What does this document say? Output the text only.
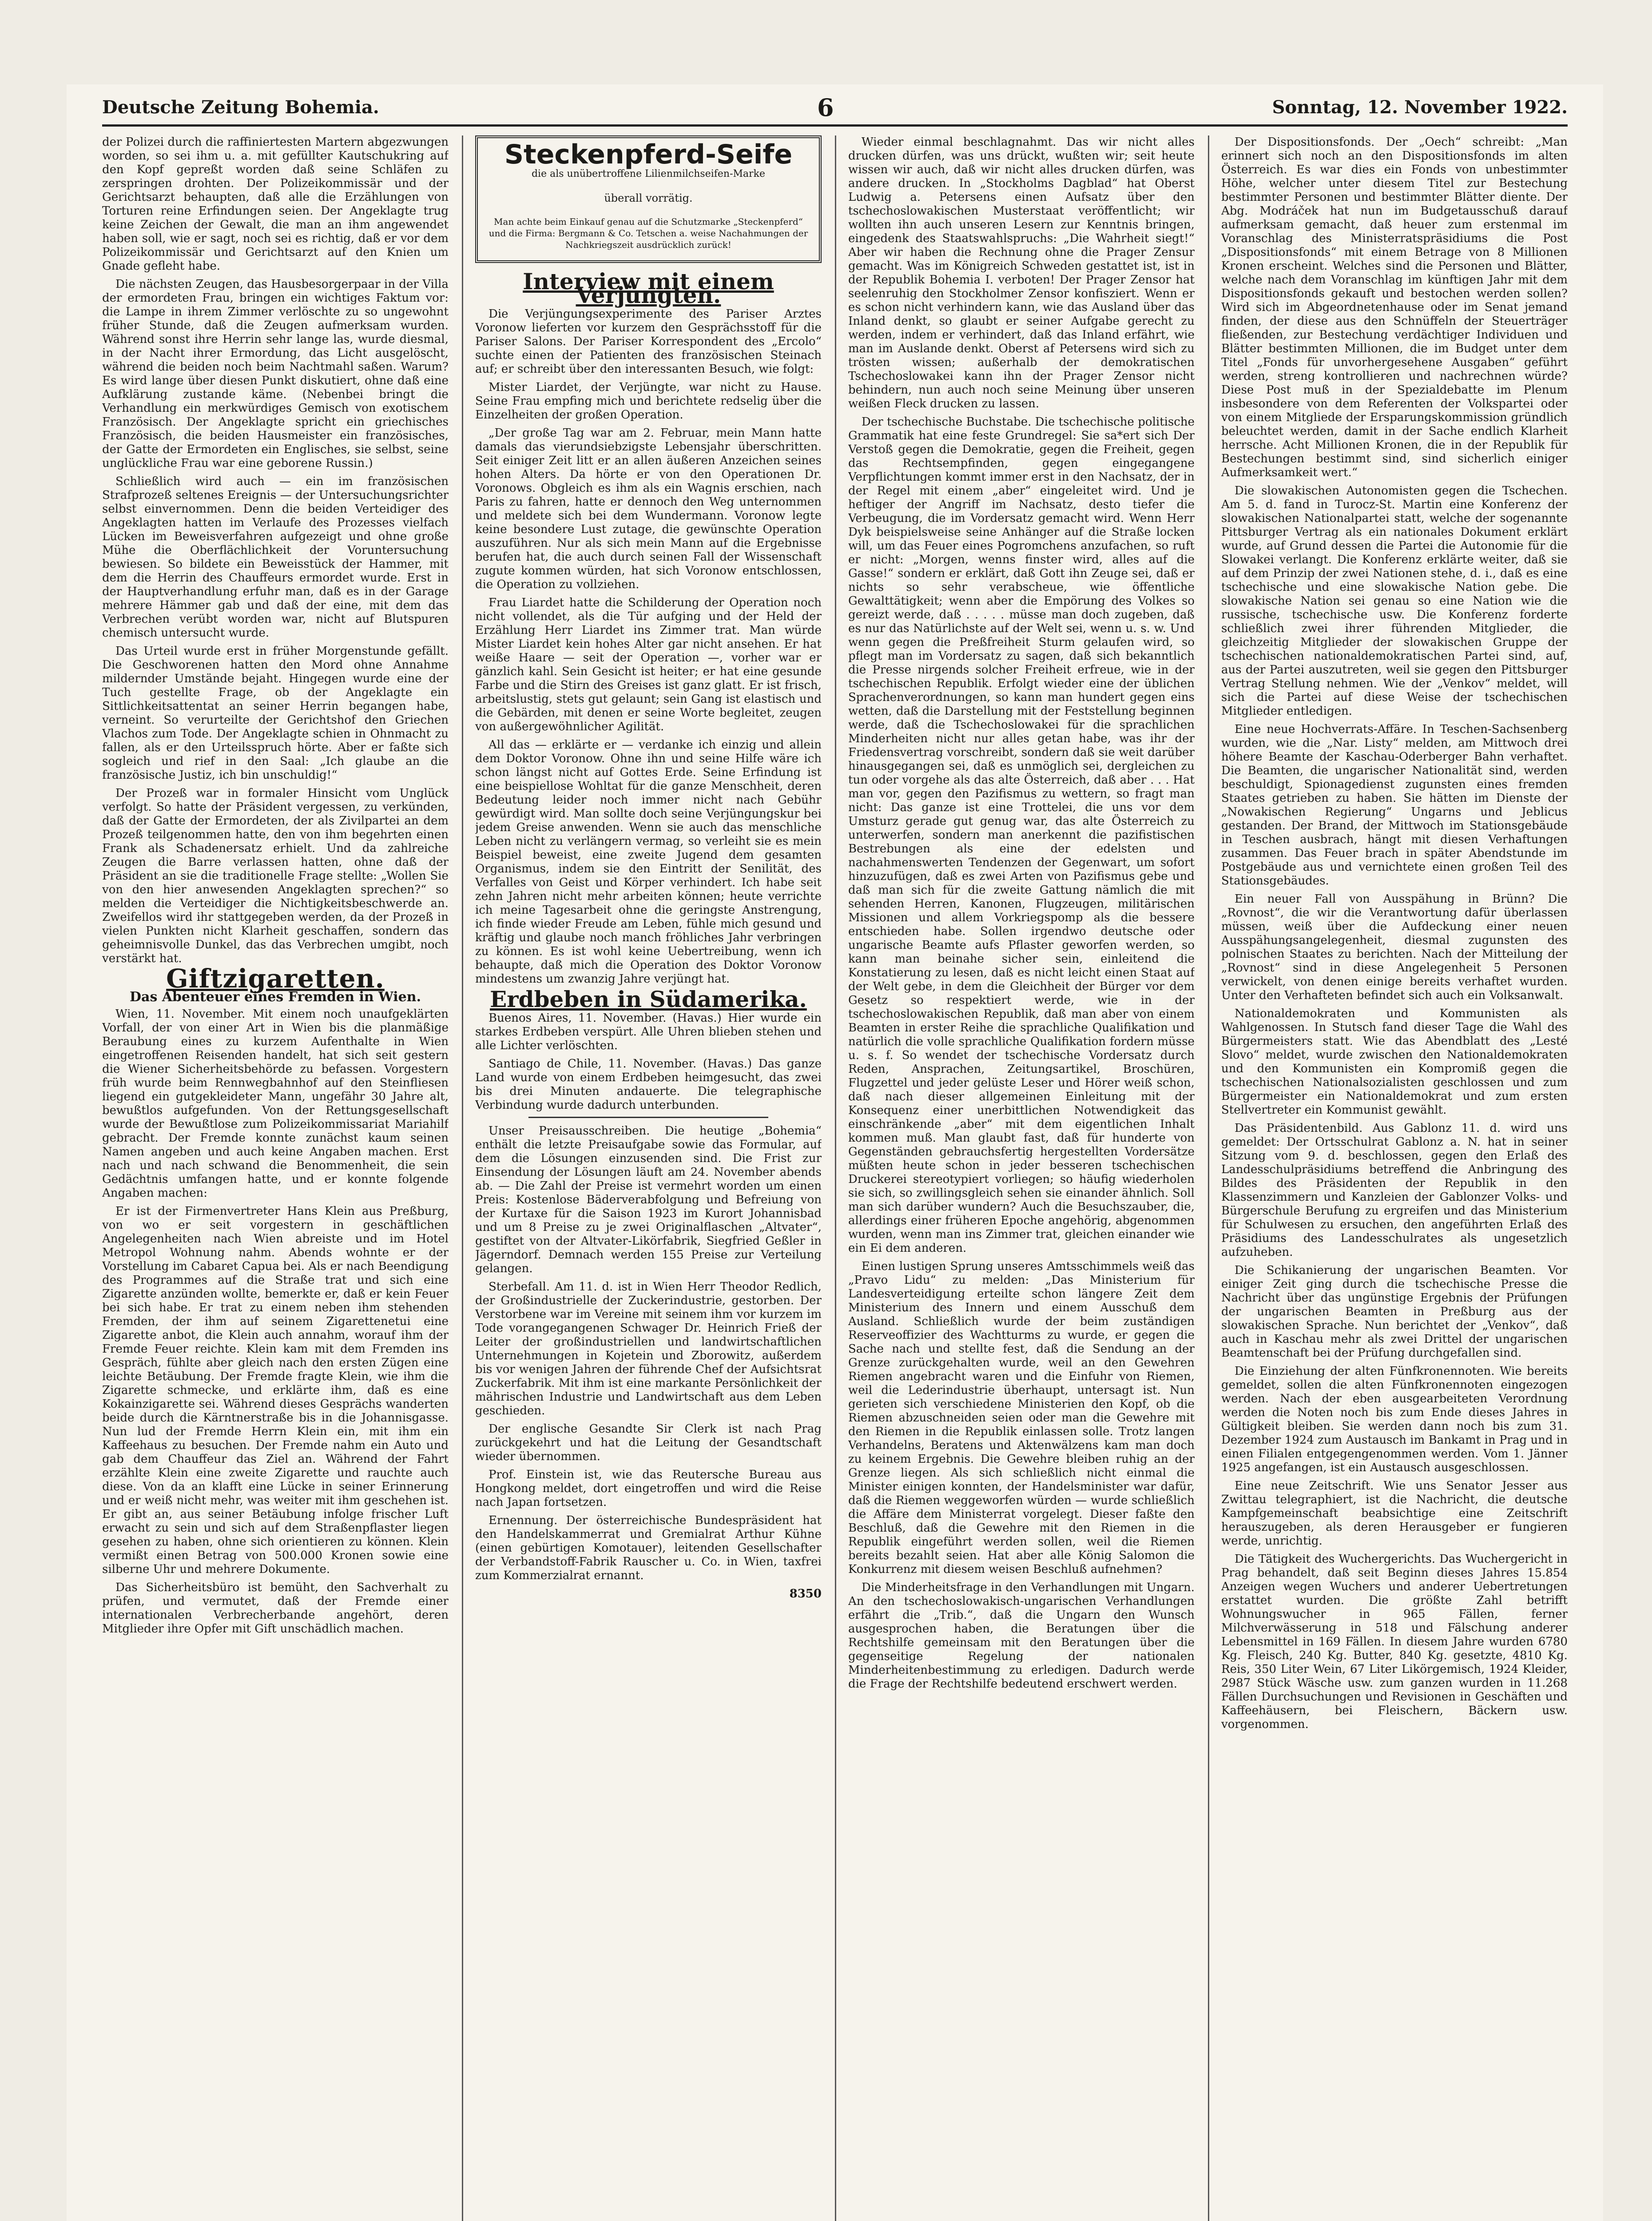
Deutsche Zeitung Bohemia.	6	Sonntag, 12. November 1922.

der Polizei durch die raffiniertesten Martern abgezwungen worden, so sei ihm u. a. mit gefüllter Kautschukring auf den Kopf gepreßt worden daß seine Schläfen zu zerspringen drohten. Der Polizeikommissär und der Gerichtsarzt behaupten, daß alle die Erzählungen von Torturen reine Erfindungen seien. Der Angeklagte trug keine Zeichen der Gewalt, die man an ihm angewendet haben soll, wie er sagt, noch sei es richtig, daß er vor dem Polizeikommissär und Gerichtsarzt auf den Knien um Gnade gefleht habe.

Die nächsten Zeugen, das Hausbesorgerpaar in der Villa der ermordeten Frau, bringen ein wichtiges Faktum vor: die Lampe in ihrem Zimmer verlöschte zu so ungewohnt früher Stunde, daß die Zeugen aufmerksam wurden. Während sonst ihre Herrin sehr lange las, wurde diesmal, in der Nacht ihrer Ermordung, das Licht ausgelöscht, während die beiden noch beim Nachtmahl saßen. Warum? Es wird lange über diesen Punkt diskutiert, ohne daß eine Aufklärung zustande käme. (Nebenbei bringt die Verhandlung ein merkwürdiges Gemisch von exotischem Französisch. Der Angeklagte spricht ein griechisches Französisch, die beiden Hausmeister ein französisches, der Gatte der Ermordeten ein Englisches, sie selbst, seine unglückliche Frau war eine geborene Russin.)

Schließlich wird auch — ein im französischen Strafprozeß seltenes Ereignis — der Untersuchungsrichter selbst einvernommen. Denn die beiden Verteidiger des Angeklagten hatten im Verlaufe des Prozesses vielfach Lücken im Beweisverfahren aufgezeigt und ohne große Mühe die Oberflächlichkeit der Voruntersuchung bewiesen. So bildete ein Beweisstück der Hammer, mit dem die Herrin des Chauffeurs ermordet wurde. Erst in der Hauptverhandlung erfuhr man, daß es in der Garage mehrere Hämmer gab und daß der eine, mit dem das Verbrechen verübt worden war, nicht auf Blutspuren chemisch untersucht wurde.

Das Urteil wurde erst in früher Morgenstunde gefällt. Die Geschworenen hatten den Mord ohne Annahme mildernder Umstände bejaht. Hingegen wurde eine der Tuch gestellte Frage, ob der Angeklagte ein Sittlichkeitsattentat an seiner Herrin begangen habe, verneint. So verurteilte der Gerichtshof den Griechen Vlachos zum Tode. Der Angeklagte schien in Ohnmacht zu fallen, als er den Urteilsspruch hörte. Aber er faßte sich sogleich und rief in den Saal: „Ich glaube an die französische Justiz, ich bin unschuldig!“

Der Prozeß war in formaler Hinsicht vom Unglück verfolgt. So hatte der Präsident vergessen, zu verkünden, daß der Gatte der Ermordeten, der als Zivilpartei an dem Prozeß teilgenommen hatte, den von ihm begehrten einen Frank als Schadenersatz erhielt. Und da zahlreiche Zeugen die Barre verlassen hatten, ohne daß der Präsident an sie die traditionelle Frage stellte: „Wollen Sie von den hier anwesenden Angeklagten sprechen?“ so melden die Verteidiger die Nichtigkeitsbeschwerde an. Zweifellos wird ihr stattgegeben werden, da der Prozeß in vielen Punkten nicht Klarheit geschaffen, sondern das geheimnisvolle Dunkel, das das Verbrechen umgibt, noch verstärkt hat.

Giftzigaretten.
Das Abenteuer eines Fremden in Wien.

Wien, 11. November. Mit einem noch unaufgeklärten Vorfall, der von einer Art in Wien bis die planmäßige Beraubung eines zu kurzem Aufenthalte in Wien eingetroffenen Reisenden handelt, hat sich seit gestern die Wiener Sicherheitsbehörde zu befassen. Vorgestern früh wurde beim Rennwegbahnhof auf den Steinfliesen liegend ein gutgekleideter Mann, ungefähr 30 Jahre alt, bewußtlos aufgefunden. Von der Rettungsgesellschaft wurde der Bewußtlose zum Polizeikommissariat Mariahilf gebracht. Der Fremde konnte zunächst kaum seinen Namen angeben und auch keine Angaben machen. Erst nach und nach schwand die Benommenheit, die sein Gedächtnis umfangen hatte, und er konnte folgende Angaben machen:

Er ist der Firmenvertreter Hans Klein aus Preßburg, von wo er seit vorgestern in geschäftlichen Angelegenheiten nach Wien abreiste und im Hotel Metropol Wohnung nahm. Abends wohnte er der Vorstellung im Cabaret Capua bei. Als er nach Beendigung des Programmes auf die Straße trat und sich eine Zigarette anzünden wollte, bemerkte er, daß er kein Feuer bei sich habe. Er trat zu einem neben ihm stehenden Fremden, der ihm auf seinem Zigarettenetui eine Zigarette anbot, die Klein auch annahm, worauf ihm der Fremde Feuer reichte. Klein kam mit dem Fremden ins Gespräch, fühlte aber gleich nach den ersten Zügen eine leichte Betäubung. Der Fremde fragte Klein, wie ihm die Zigarette schmecke, und erklärte ihm, daß es eine Kokainzigarette sei. Während dieses Gesprächs wanderten beide durch die Kärntnerstraße bis in die Johannisgasse. Nun lud der Fremde Herrn Klein ein, mit ihm ein Kaffeehaus zu besuchen. Der Fremde nahm ein Auto und gab dem Chauffeur das Ziel an. Während der Fahrt erzählte Klein eine zweite Zigarette und rauchte auch diese. Von da an klafft eine Lücke in seiner Erinnerung und er weiß nicht mehr, was weiter mit ihm geschehen ist. Er gibt an, aus seiner Betäubung infolge frischer Luft erwacht zu sein und sich auf dem Straßenpflaster liegen gesehen zu haben, ohne sich orientieren zu können. Klein vermißt einen Betrag von 500.000 Kronen sowie eine silberne Uhr und mehrere Dokumente.

Das Sicherheitsbüro ist bemüht, den Sachverhalt zu prüfen, und vermutet, daß der Fremde einer internationalen Verbrecherbande angehört, deren Mitglieder ihre Opfer mit Gift unschädlich machen.

Steckenpferd-Seife
die als unübertroffene Lilienmilchseifen-Marke
überall vorrätig.
Man achte beim Einkauf genau auf die Schutzmarke „Steckenpferd“ und die Firma: Bergmann & Co. Tetschen a. weise Nachahmungen der Nachkriegszeit ausdrücklich zurück!
Interview mit einem Verjüngten.

Die Verjüngungsexperimente des Pariser Arztes Voronow lieferten vor kurzem den Gesprächsstoff für die Pariser Salons. Der Pariser Korrespondent des „Ercolo“ suchte einen der Patienten des französischen Steinach auf; er schreibt über den interessanten Besuch, wie folgt:

Mister Liardet, der Verjüngte, war nicht zu Hause. Seine Frau empfing mich und berichtete redselig über die Einzelheiten der großen Operation.

„Der große Tag war am 2. Februar, mein Mann hatte damals das vierundsiebzigste Lebensjahr überschritten. Seit einiger Zeit litt er an allen äußeren Anzeichen seines hohen Alters. Da hörte er von den Operationen Dr. Voronows. Obgleich es ihm als ein Wagnis erschien, nach Paris zu fahren, hatte er dennoch den Weg unternommen und meldete sich bei dem Wundermann. Voronow legte keine besondere Lust zutage, die gewünschte Operation auszuführen. Nur als sich mein Mann auf die Ergebnisse berufen hat, die auch durch seinen Fall der Wissenschaft zugute kommen würden, hat sich Voronow entschlossen, die Operation zu vollziehen.

Frau Liardet hatte die Schilderung der Operation noch nicht vollendet, als die Tür aufging und der Held der Erzählung Herr Liardet ins Zimmer trat. Man würde Mister Liardet kein hohes Alter gar nicht ansehen. Er hat weiße Haare — seit der Operation —, vorher war er gänzlich kahl. Sein Gesicht ist heiter; er hat eine gesunde Farbe und die Stirn des Greises ist ganz glatt. Er ist frisch, arbeitslustig, stets gut gelaunt; sein Gang ist elastisch und die Gebärden, mit denen er seine Worte begleitet, zeugen von außergewöhnlicher Agilität.

All das — erklärte er — verdanke ich einzig und allein dem Doktor Voronow. Ohne ihn und seine Hilfe wäre ich schon längst nicht auf Gottes Erde. Seine Erfindung ist eine beispiellose Wohltat für die ganze Menschheit, deren Bedeutung leider noch immer nicht nach Gebühr gewürdigt wird. Man sollte doch seine Verjüngungskur bei jedem Greise anwenden. Wenn sie auch das menschliche Leben nicht zu verlängern vermag, so verleiht sie es mein Beispiel beweist, eine zweite Jugend dem gesamten Organismus, indem sie den Eintritt der Senilität, des Verfalles von Geist und Körper verhindert. Ich habe seit zehn Jahren nicht mehr arbeiten können; heute verrichte ich meine Tagesarbeit ohne die geringste Anstrengung, ich finde wieder Freude am Leben, fühle mich gesund und kräftig und glaube noch manch fröhliches Jahr verbringen zu können. Es ist wohl keine Uebertreibung, wenn ich behaupte, daß mich die Operation des Doktor Voronow mindestens um zwanzig Jahre verjüngt hat.

Erdbeben in Südamerika.

Buenos Aires, 11. November. (Havas.) Hier wurde ein starkes Erdbeben verspürt. Alle Uhren blieben stehen und alle Lichter verlöschten.

Santiago de Chile, 11. November. (Havas.) Das ganze Land wurde von einem Erdbeben heimgesucht, das zwei bis drei Minuten andauerte. Die telegraphische Verbindung wurde dadurch unterbunden.

Unser Preisausschreiben. Die heutige „Bohemia“ enthält die letzte Preisaufgabe sowie das Formular, auf dem die Lösungen einzusenden sind. Die Frist zur Einsendung der Lösungen läuft am 24. November abends ab. — Die Zahl der Preise ist vermehrt worden um einen Preis: Kostenlose Bäderverabfolgung und Befreiung von der Kurtaxe für die Saison 1923 im Kurort Johannisbad und um 8 Preise zu je zwei Originalflaschen „Altvater“, gestiftet von der Altvater-Likörfabrik, Siegfried Geßler in Jägerndorf. Demnach werden 155 Preise zur Verteilung gelangen.

Sterbefall. Am 11. d. ist in Wien Herr Theodor Redlich, der Großindustrielle der Zuckerindustrie, gestorben. Der Verstorbene war im Vereine mit seinem ihm vor kurzem im Tode vorangegangenen Schwager Dr. Heinrich Frieß der Leiter der großindustriellen und landwirtschaftlichen Unternehmungen in Kojetein und Zborowitz, außerdem bis vor wenigen Jahren der führende Chef der Aufsichtsrat Zuckerfabrik. Mit ihm ist eine markante Persönlichkeit der mährischen Industrie und Landwirtschaft aus dem Leben geschieden.

Der englische Gesandte Sir Clerk ist nach Prag zurückgekehrt und hat die Leitung der Gesandtschaft wieder übernommen.

Prof. Einstein ist, wie das Reutersche Bureau aus Hongkong meldet, dort eingetroffen und wird die Reise nach Japan fortsetzen.

Ernennung. Der österreichische Bundespräsident hat den Handelskammerrat und Gremialrat Arthur Kühne (einen gebürtigen Komotauer), leitenden Gesellschafter der Verbandstoff-Fabrik Rauscher u. Co. in Wien, taxfrei zum Kommerzialrat ernannt.

8350

Wieder einmal beschlagnahmt. Das wir nicht alles drucken dürfen, was uns drückt, wußten wir; seit heute wissen wir auch, daß wir nicht alles drucken dürfen, was andere drucken. In „Stockholms Dagblad“ hat Oberst Ludwig a. Petersens einen Aufsatz über den tschechoslowakischen Musterstaat veröffentlicht; wir wollten ihn auch unseren Lesern zur Kenntnis bringen, eingedenk des Staatswahlspruchs: „Die Wahrheit siegt!“ Aber wir haben die Rechnung ohne die Prager Zensur gemacht. Was im Königreich Schweden gestattet ist, ist in der Republik Bohemia I. verboten! Der Prager Zensor hat seelenruhig den Stockholmer Zensor konfisziert. Wenn er es schon nicht verhindern kann, wie das Ausland über das Inland denkt, so glaubt er seiner Aufgabe gerecht zu werden, indem er verhindert, daß das Inland erfährt, wie man im Auslande denkt. Oberst af Petersens wird sich zu trösten wissen; außerhalb der demokratischen Tschechoslowakei kann ihn der Prager Zensor nicht behindern, nun auch noch seine Meinung über unseren weißen Fleck drucken zu lassen.

Der tschechische Buchstabe. Die tschechische politische Grammatik hat eine feste Grundregel: Sie sa*ert sich Der Verstoß gegen die Demokratie, gegen die Freiheit, gegen das Rechtsempfinden, gegen eingegangene Verpflichtungen kommt immer erst in den Nachsatz, der in der Regel mit einem „aber“ eingeleitet wird. Und je heftiger der Angriff im Nachsatz, desto tiefer die Verbeugung, die im Vordersatz gemacht wird. Wenn Herr Dyk beispielsweise seine Anhänger auf die Straße locken will, um das Feuer eines Pogromchens anzufachen, so ruft er nicht: „Morgen, wenns finster wird, alles auf die Gasse!“ sondern er erklärt, daß Gott ihn Zeuge sei, daß er nichts so sehr verabscheue, wie öffentliche Gewalttätigkeit; wenn aber die Empörung des Volkes so gereizt werde, daß . . . . . müsse man doch zugeben, daß es nur das Natürlichste auf der Welt sei, wenn u. s. w. Und wenn gegen die Preßfreiheit Sturm gelaufen wird, so pflegt man im Vordersatz zu sagen, daß sich bekanntlich die Presse nirgends solcher Freiheit erfreue, wie in der tschechischen Republik. Erfolgt wieder eine der üblichen Sprachenverordnungen, so kann man hundert gegen eins wetten, daß die Darstellung mit der Feststellung beginnen werde, daß die Tschechoslowakei für die sprachlichen Minderheiten nicht nur alles getan habe, was ihr der Friedensvertrag vorschreibt, sondern daß sie weit darüber hinausgegangen sei, daß es unmöglich sei, dergleichen zu tun oder vorgehe als das alte Österreich, daß aber . . . Hat man vor, gegen den Pazifismus zu wettern, so fragt man nicht: Das ganze ist eine Trottelei, die uns vor dem Umsturz gerade gut genug war, das alte Österreich zu unterwerfen, sondern man anerkennt die pazifistischen Bestrebungen als eine der edelsten und nachahmenswerten Tendenzen der Gegenwart, um sofort hinzuzufügen, daß es zwei Arten von Pazifismus gebe und daß man sich für die zweite Gattung nämlich die mit sehenden Herren, Kanonen, Flugzeugen, militärischen Missionen und allem Vorkriegspomp als die bessere entschieden habe. Sollen irgendwo deutsche oder ungarische Beamte aufs Pflaster geworfen werden, so kann man beinahe sicher sein, einleitend die Konstatierung zu lesen, daß es nicht leicht einen Staat auf der Welt gebe, in dem die Gleichheit der Bürger vor dem Gesetz so respektiert werde, wie in der tschechoslowakischen Republik, daß man aber von einem Beamten in erster Reihe die sprachliche Qualifikation und natürlich die volle sprachliche Qualifikation fordern müsse u. s. f. So wendet der tschechische Vordersatz durch Reden, Ansprachen, Zeitungsartikel, Broschüren, Flugzettel und jeder gelüste Leser und Hörer weiß schon, daß nach dieser allgemeinen Einleitung mit der Konsequenz einer unerbittlichen Notwendigkeit das einschränkende „aber“ mit dem eigentlichen Inhalt kommen muß. Man glaubt fast, daß für hunderte von Gegenständen gebrauchsfertig hergestellten Vordersätze müßten heute schon in jeder besseren tschechischen Druckerei stereotypiert vorliegen; so häufig wiederholen sie sich, so zwillingsgleich sehen sie einander ähnlich. Soll man sich darüber wundern? Auch die Besuchszauber, die, allerdings einer früheren Epoche angehörig, abgenommen wurden, wenn man ins Zimmer trat, gleichen einander wie ein Ei dem anderen.

Einen lustigen Sprung unseres Amtsschimmels weiß das „Pravo Lidu“ zu melden: „Das Ministerium für Landesverteidigung erteilte schon längere Zeit dem Ministerium des Innern und einem Ausschuß dem Ausland. Schließlich wurde der beim zuständigen Reserveoffizier des Wachtturms zu wurde, er gegen die Sache nach und stellte fest, daß die Sendung an der Grenze zurückgehalten wurde, weil an den Gewehren Riemen angebracht waren und die Einfuhr von Riemen, weil die Lederindustrie überhaupt, untersagt ist. Nun gerieten sich verschiedene Ministerien den Kopf, ob die Riemen abzuschneiden seien oder man die Gewehre mit den Riemen in die Republik einlassen solle. Trotz langen Verhandelns, Beratens und Aktenwälzens kam man doch zu keinem Ergebnis. Die Gewehre bleiben ruhig an der Grenze liegen. Als sich schließlich nicht einmal die Minister einigen konnten, der Handelsminister war dafür, daß die Riemen weggeworfen würden — wurde schließlich die Affäre dem Ministerrat vorgelegt. Dieser faßte den Beschluß, daß die Gewehre mit den Riemen in die Republik eingeführt werden sollen, weil die Riemen bereits bezahlt seien. Hat aber alle König Salomon die Konkurrenz mit diesem weisen Beschluß aufnehmen?

Die Minderheitsfrage in den Verhandlungen mit Ungarn. An den tschechoslowakisch-ungarischen Verhandlungen erfährt die „Trib.“, daß die Ungarn den Wunsch ausgesprochen haben, die Beratungen über die Rechtshilfe gemeinsam mit den Beratungen über die gegenseitige Regelung der nationalen Minderheitenbestimmung zu erledigen. Dadurch werde die Frage der Rechtshilfe bedeutend erschwert werden.

Der Dispositionsfonds. Der „Oech“ schreibt: „Man erinnert sich noch an den Dispositionsfonds im alten Österreich. Es war dies ein Fonds von unbestimmter Höhe, welcher unter diesem Titel zur Bestechung bestimmter Personen und bestimmter Blätter diente. Der Abg. Modráček hat nun im Budgetausschuß darauf aufmerksam gemacht, daß heuer zum erstenmal im Voranschlag des Ministerratspräsidiums die Post „Dispositionsfonds“ mit einem Betrage von 8 Millionen Kronen erscheint. Welches sind die Personen und Blätter, welche nach dem Voranschlag im künftigen Jahr mit dem Dispositionsfonds gekauft und bestochen werden sollen? Wird sich im Abgeordnetenhause oder im Senat jemand finden, der diese aus den Schnüffeln der Steuerträger fließenden, zur Bestechung verdächtiger Individuen und Blätter bestimmten Millionen, die im Budget unter dem Titel „Fonds für unvorhergesehene Ausgaben“ geführt werden, streng kontrollieren und nachrechnen würde? Diese Post muß in der Spezialdebatte im Plenum insbesondere von dem Referenten der Volkspartei oder von einem Mitgliede der Ersparungskommission gründlich beleuchtet werden, damit in der Sache endlich Klarheit herrsche. Acht Millionen Kronen, die in der Republik für Bestechungen bestimmt sind, sind sicherlich einiger Aufmerksamkeit wert.“

Die slowakischen Autonomisten gegen die Tschechen. Am 5. d. fand in Turocz-St. Martin eine Konferenz der slowakischen Nationalpartei statt, welche der sogenannte Pittsburger Vertrag als ein nationales Dokument erklärt wurde, auf Grund dessen die Partei die Autonomie für die Slowakei verlangt. Die Konferenz erklärte weiter, daß sie auf dem Prinzip der zwei Nationen stehe, d. i., daß es eine tschechische und eine slowakische Nation gebe. Die slowakische Nation sei genau so eine Nation wie die russische, tschechische usw. Die Konferenz forderte schließlich zwei ihrer führenden Mitglieder, die gleichzeitig Mitglieder der slowakischen Gruppe der tschechischen nationaldemokratischen Partei sind, auf, aus der Partei auszutreten, weil sie gegen den Pittsburger Vertrag Stellung nehmen. Wie der „Venkov“ meldet, will sich die Partei auf diese Weise der tschechischen Mitglieder entledigen.

Eine neue Hochverrats-Affäre. In Teschen-Sachsenberg wurden, wie die „Nar. Listy“ melden, am Mittwoch drei höhere Beamte der Kaschau-Oderberger Bahn verhaftet. Die Beamten, die ungarischer Nationalität sind, werden beschuldigt, Spionagedienst zugunsten eines fremden Staates getrieben zu haben. Sie hätten im Dienste der „Nowakischen Regierung“ Ungarns und Jeblicus gestanden. Der Brand, der Mittwoch im Stationsgebäude in Teschen ausbrach, hängt mit diesen Verhaftungen zusammen. Das Feuer brach in später Abendstunde im Postgebäude aus und vernichtete einen großen Teil des Stationsgebäudes.

Ein neuer Fall von Ausspähung in Brünn? Die „Rovnost“, die wir die Verantwortung dafür überlassen müssen, weiß über die Aufdeckung einer neuen Ausspähungsangelegenheit, diesmal zugunsten des polnischen Staates zu berichten. Nach der Mitteilung der „Rovnost“ sind in diese Angelegenheit 5 Personen verwickelt, von denen einige bereits verhaftet wurden. Unter den Verhafteten befindet sich auch ein Volksanwalt.

Nationaldemokraten und Kommunisten als Wahlgenossen. In Stutsch fand dieser Tage die Wahl des Bürgermeisters statt. Wie das Abendblatt des „Lesté Slovo“ meldet, wurde zwischen den Nationaldemokraten und den Kommunisten ein Kompromiß gegen die tschechischen Nationalsozialisten geschlossen und zum Bürgermeister ein Nationaldemokrat und zum ersten Stellvertreter ein Kommunist gewählt.

Das Präsidentenbild. Aus Gablonz 11. d. wird uns gemeldet: Der Ortsschulrat Gablonz a. N. hat in seiner Sitzung vom 9. d. beschlossen, gegen den Erlaß des Landesschulpräsidiums betreffend die Anbringung des Bildes des Präsidenten der Republik in den Klassenzimmern und Kanzleien der Gablonzer Volks- und Bürgerschule Berufung zu ergreifen und das Ministerium für Schulwesen zu ersuchen, den angeführten Erlaß des Präsidiums des Landesschulrates als ungesetzlich aufzuheben.

Die Schikanierung der ungarischen Beamten. Vor einiger Zeit ging durch die tschechische Presse die Nachricht über das ungünstige Ergebnis der Prüfungen der ungarischen Beamten in Preßburg aus der slowakischen Sprache. Nun berichtet der „Venkov“, daß auch in Kaschau mehr als zwei Drittel der ungarischen Beamtenschaft bei der Prüfung durchgefallen sind.

Die Einziehung der alten Fünfkronennoten. Wie bereits gemeldet, sollen die alten Fünfkronennoten eingezogen werden. Nach der eben ausgearbeiteten Verordnung werden die Noten noch bis zum Ende dieses Jahres in Gültigkeit bleiben. Sie werden dann noch bis zum 31. Dezember 1924 zum Austausch im Bankamt in Prag und in einen Filialen entgegengenommen werden. Vom 1. Jänner 1925 angefangen, ist ein Austausch ausgeschlossen.

Eine neue Zeitschrift. Wie uns Senator Jesser aus Zwittau telegraphiert, ist die Nachricht, die deutsche Kampfgemeinschaft beabsichtige eine Zeitschrift herauszugeben, als deren Herausgeber er fungieren werde, unrichtig.

Die Tätigkeit des Wuchergerichts. Das Wuchergericht in Prag behandelt, daß seit Beginn dieses Jahres 15.854 Anzeigen wegen Wuchers und anderer Uebertretungen erstattet wurden. Die größte Zahl betrifft Wohnungswucher in 965 Fällen, ferner Milchverwässerung in 518 und Fälschung anderer Lebensmittel in 169 Fällen. In diesem Jahre wurden 6780 Kg. Fleisch, 240 Kg. Butter, 840 Kg. gesetzte, 4810 Kg. Reis, 350 Liter Wein, 67 Liter Likörgemisch, 1924 Kleider, 2987 Stück Wäsche usw. zum ganzen wurden in 11.268 Fällen Durchsuchungen und Revisionen in Geschäften und Kaffeehäusern, bei Fleischern, Bäckern usw. vorgenommen.
